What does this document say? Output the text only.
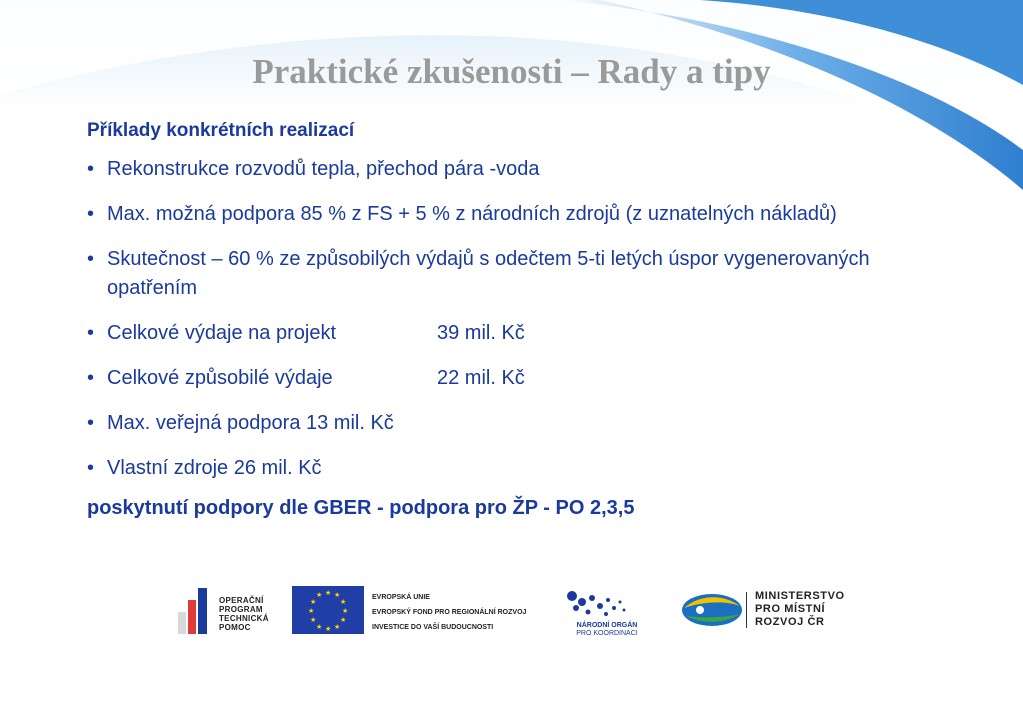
Praktické zkušenosti – Rady a tipy
Příklady konkrétních realizací
• Rekonstrukce rozvodů tepla, přechod pára -voda
• Max. možná podpora 85 % z FS + 5 % z národních zdrojů (z uznatelných nákladů)
• Skutečnost – 60 % ze způsobilých výdajů s odečtem 5-ti letých úspor vygenerovaných opatřením
• Celkové výdaje na projekt	39 mil. Kč
• Celkové způsobilé výdaje	22 mil. Kč
• Max. veřejná podpora 13 mil. Kč
• Vlastní zdroje 26 mil. Kč
poskytnutí podpory dle GBER - podpora pro ŽP - PO 2,3,5
OPERAČNÍ
PROGRAM
TECHNICKÁ
POMOC
★ ★
★
★
★
★
★
★
★
★
★
★	EVROPSKÁ UNIE
EVROPSKÝ FOND PRO REGIONÁLNÍ ROZVOJ
INVESTICE DO VAŠÍ BUDOUCNOSTI	NÁRODNÍ ORGÁN
PRO KOORDINACI
MINISTERSTVO
PRO MÍSTNÍ
ROZVOJ ČR
